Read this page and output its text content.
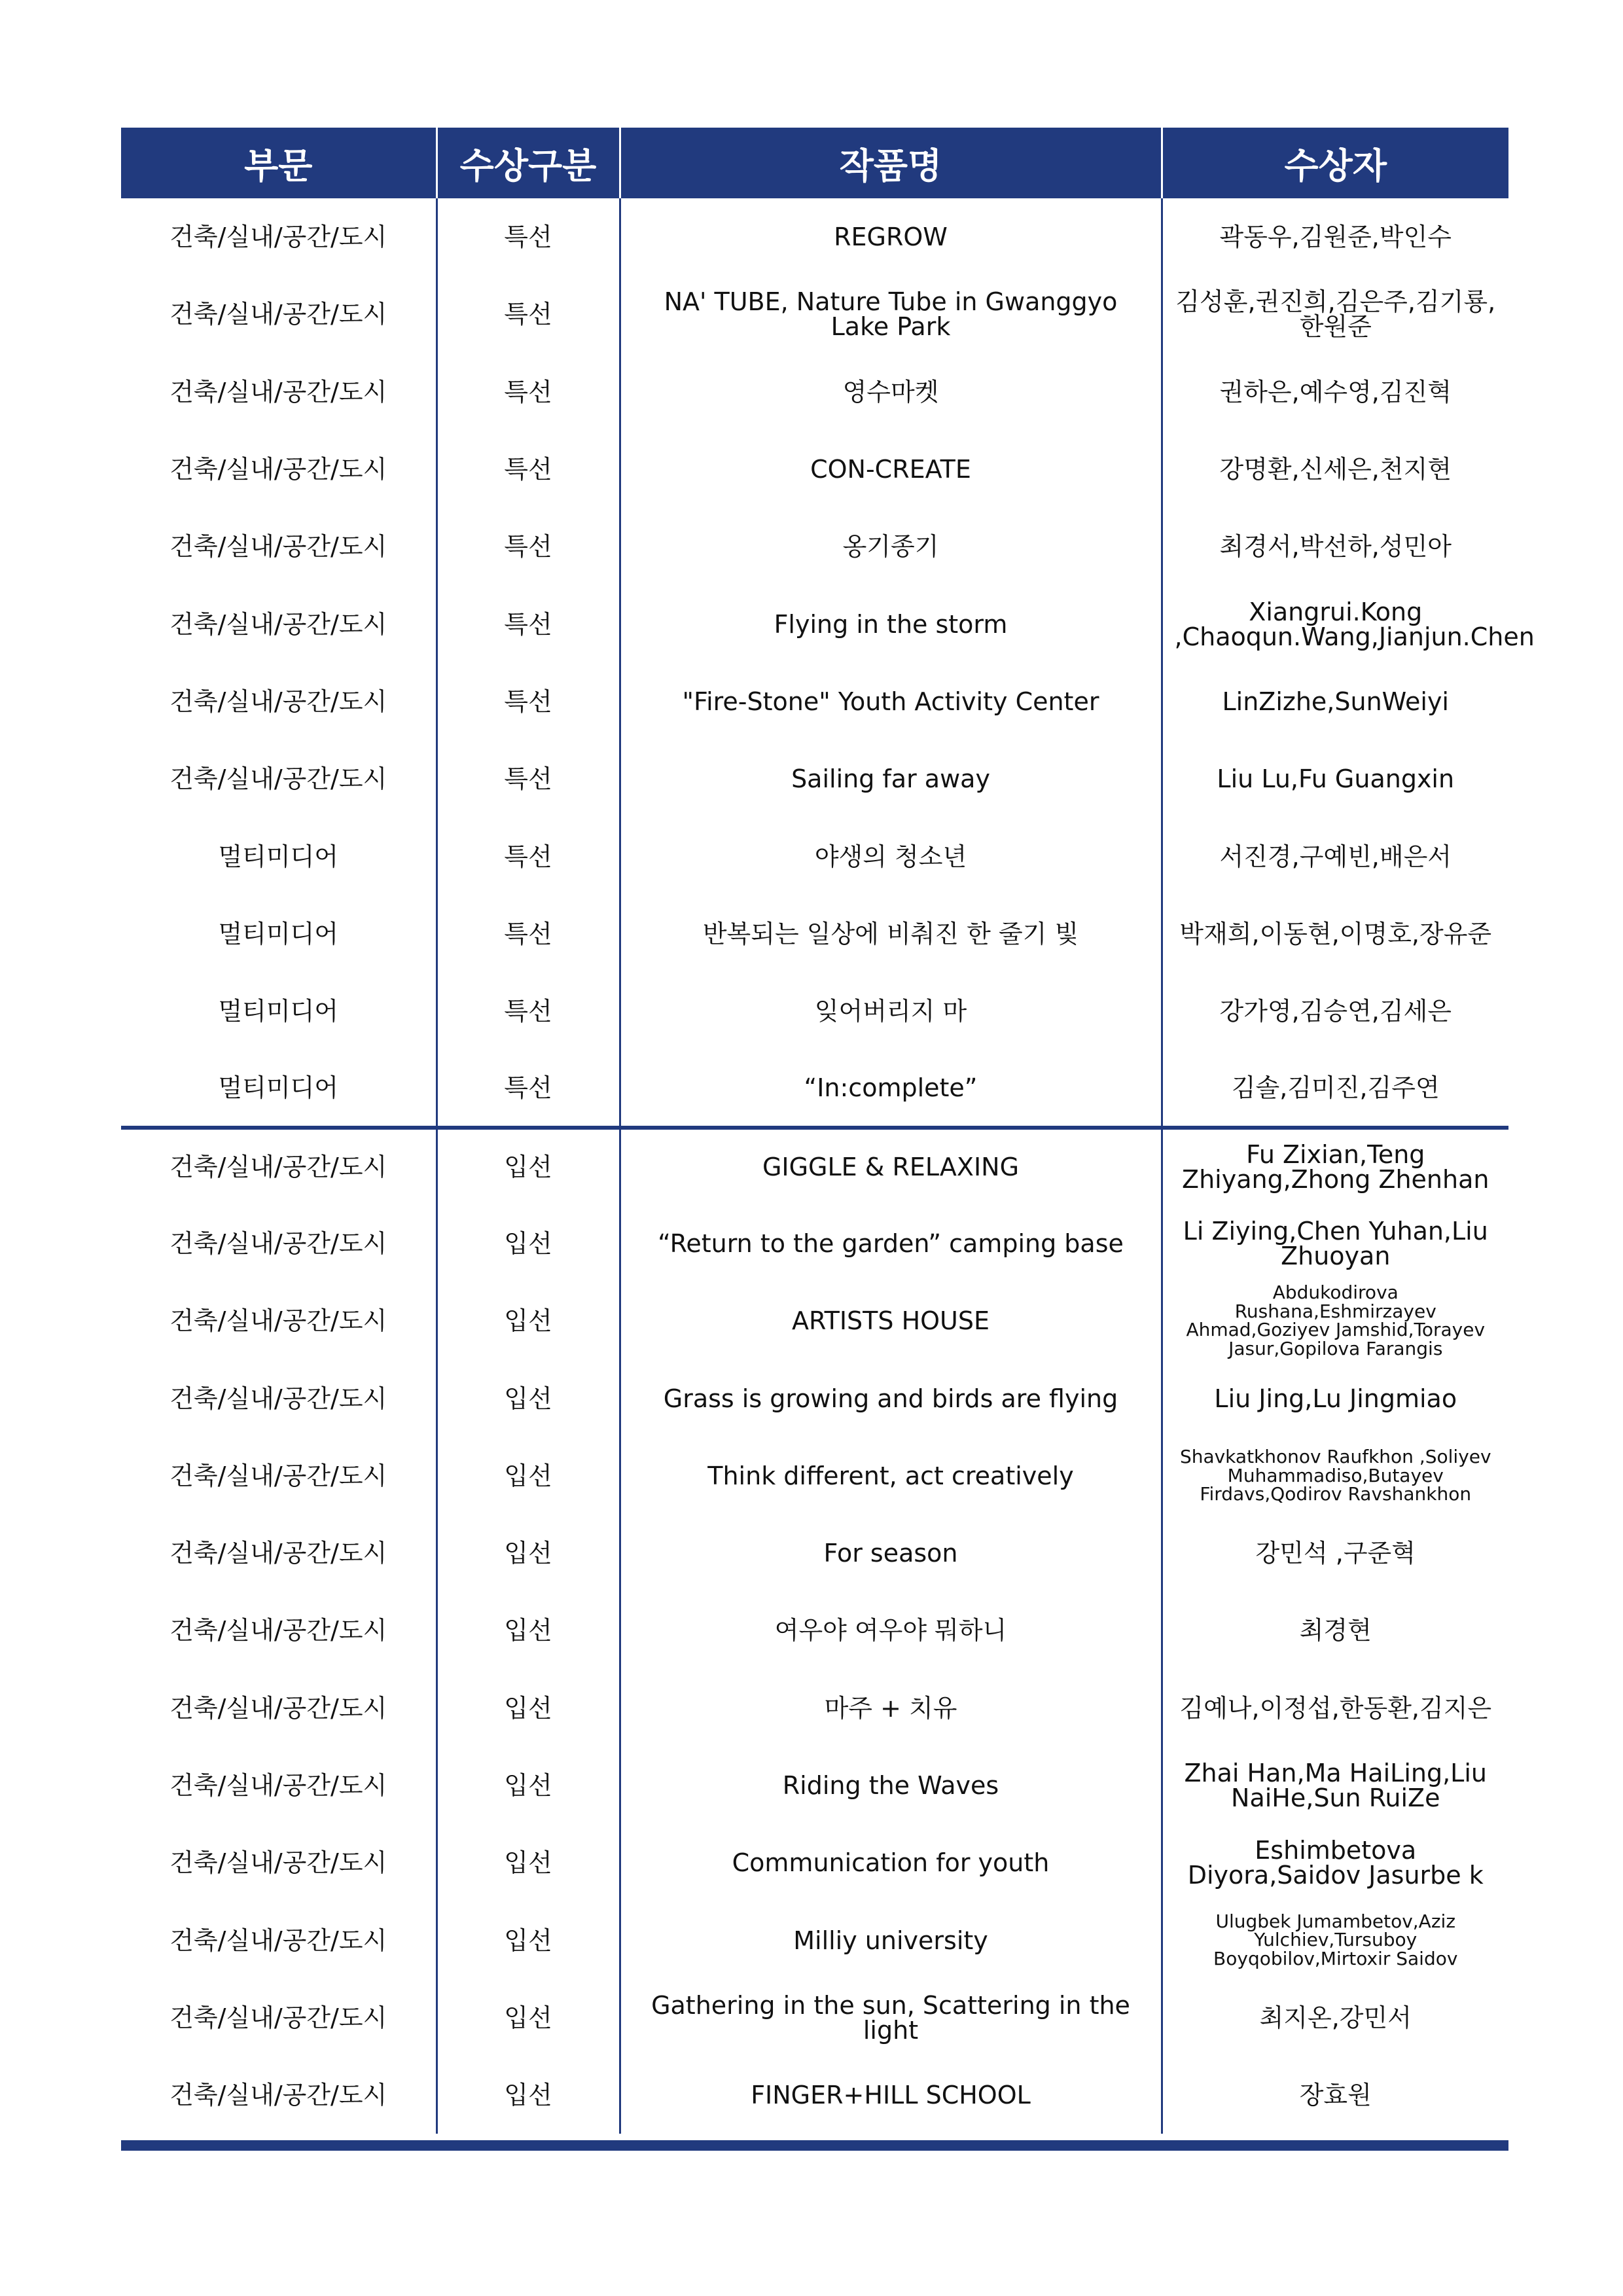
부문	수상구분	작품명	수상자
건축/실내/공간/도시	특선	REGROW	곽동우,김원준,박인수
건축/실내/공간/도시	특선	NA' TUBE, Nature Tube in Gwanggyo Lake Park	김성훈,권진희,김은주,김기룡,한원준
건축/실내/공간/도시	특선	영수마켓	권하은,예수영,김진혁
건축/실내/공간/도시	특선	CON-CREATE	강명환,신세은,천지현
건축/실내/공간/도시	특선	옹기종기	최경서,박선하,성민아
건축/실내/공간/도시	특선	Flying in the storm	Xiangrui.Kong ,Chaoqun.Wang,Jianjun.Chen
건축/실내/공간/도시	특선	"Fire-Stone" Youth Activity Center	LinZizhe,SunWeiyi
건축/실내/공간/도시	특선	Sailing far away	Liu Lu,Fu Guangxin
멀티미디어	특선	야생의 청소년	서진경,구예빈,배은서
멀티미디어	특선	반복되는 일상에 비춰진 한 줄기 빛	박재희,이동현,이명호,장유준
멀티미디어	특선	잊어버리지 마	강가영,김승연,김세은
멀티미디어	특선	“In:complete”	김솔,김미진,김주연
건축/실내/공간/도시	입선	GIGGLE & RELAXING	Fu Zixian,Teng Zhiyang,Zhong Zhenhan
건축/실내/공간/도시	입선	“Return to the garden” camping base	Li Ziying,Chen Yuhan,Liu Zhuoyan
건축/실내/공간/도시	입선	ARTISTS HOUSE	Abdukodirova Rushana,Eshmirzayev Ahmad,Goziyev Jamshid,Torayev Jasur,Gopilova Farangis
건축/실내/공간/도시	입선	Grass is growing and birds are flying	Liu Jing,Lu Jingmiao
건축/실내/공간/도시	입선	Think different, act creatively	Shavkatkhonov Raufkhon ,Soliyev Muhammadiso,Butayev Firdavs,Qodirov Ravshankhon
건축/실내/공간/도시	입선	For season	강민석 ,구준혁
건축/실내/공간/도시	입선	여우야 여우야 뭐하니	최경현
건축/실내/공간/도시	입선	마주 + 치유	김예나,이정섭,한동환,김지은
건축/실내/공간/도시	입선	Riding the Waves	Zhai Han,Ma HaiLing,Liu NaiHe,Sun RuiZe
건축/실내/공간/도시	입선	Communication for youth	Eshimbetova Diyora,Saidov Jasurbe k
건축/실내/공간/도시	입선	Milliy university	Ulugbek Jumambetov,Aziz Yulchiev,Tursuboy Boyqobilov,Mirtoxir Saidov
건축/실내/공간/도시	입선	Gathering in the sun, Scattering in the light	최지온,강민서
건축/실내/공간/도시	입선	FINGER+HILL SCHOOL	장효원
